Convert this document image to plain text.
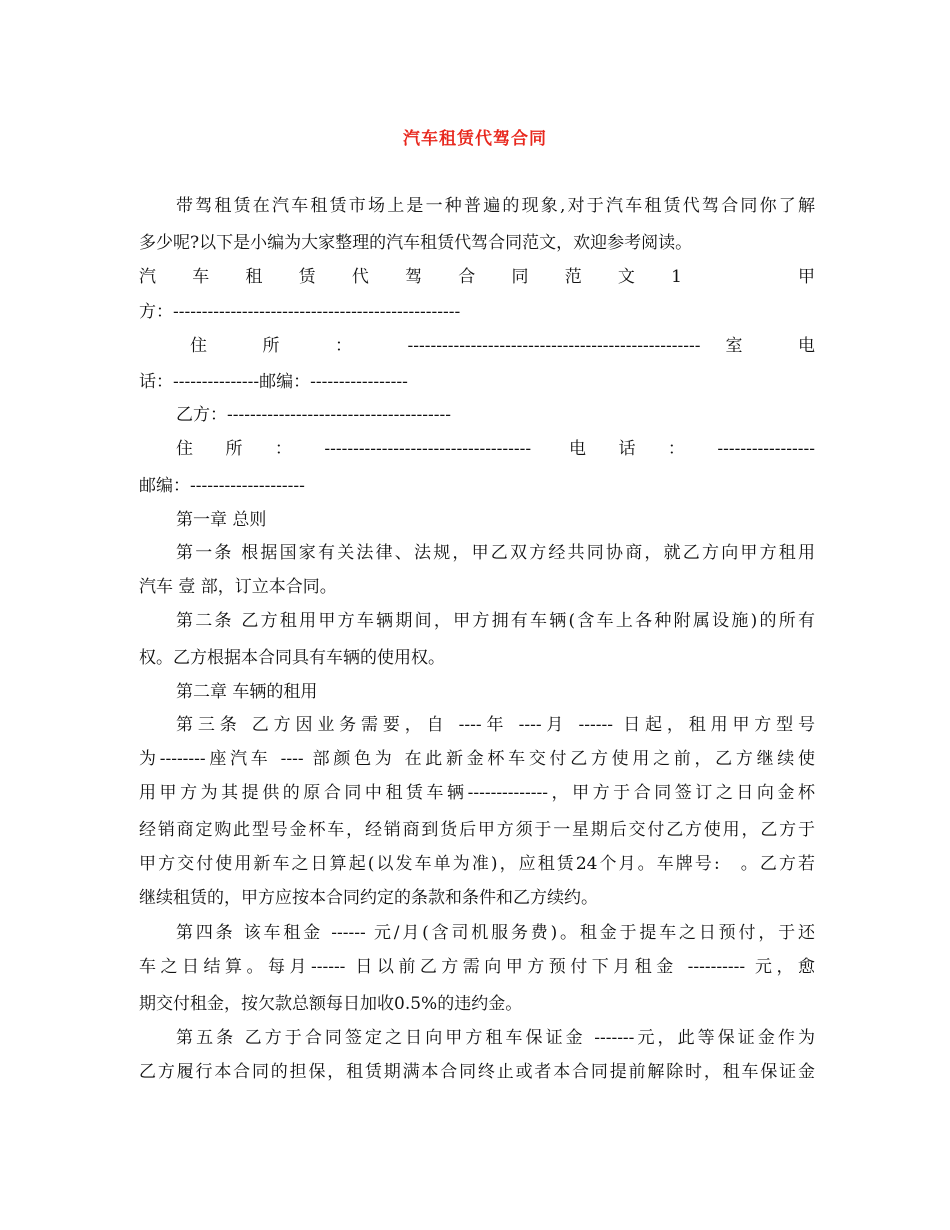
汽车租赁代驾合同
带驾租赁在汽车租赁市场上是一种普遍的现象,对于汽车租赁代驾合同你了解
多少呢?以下是小编为大家整理的汽车租赁代驾合同范文，欢迎参考阅读。
汽　车　租　赁　代　驾　合　同　范　文　1　　　　甲
方：--------------------------------------------------
住 所 ： ---------------------------------------------------室 电
话：---------------邮编：-----------------
乙方：---------------------------------------
住所：------------------------------------ 电话：-----------------
邮编：--------------------
第一章 总则
第一条 根据国家有关法律、法规，甲乙双方经共同协商，就乙方向甲方租用
汽车 壹 部，订立本合同。
第二条 乙方租用甲方车辆期间，甲方拥有车辆(含车上各种附属设施)的所有
权。乙方根据本合同具有车辆的使用权。
第二章 车辆的租用
第三条 乙方因业务需要，自 ----年 ----月 ------ 日起，租用甲方型号
为--------座汽车 ---- 部颜色为 在此新金杯车交付乙方使用之前，乙方继续使
用甲方为其提供的原合同中租赁车辆--------------，甲方于合同签订之日向金杯
经销商定购此型号金杯车，经销商到货后甲方须于一星期后交付乙方使用，乙方于
甲方交付使用新车之日算起(以发车单为准)，应租赁24个月。车牌号:　。乙方若
继续租赁的，甲方应按本合同约定的条款和条件和乙方续约。
第四条 该车租金 ------ 元/月(含司机服务费)。租金于提车之日预付，于还
车之日结算。每月------ 日以前乙方需向甲方预付下月租金 ---------- 元，愈
期交付租金，按欠款总额每日加收0.5%的违约金。
第五条 乙方于合同签定之日向甲方租车保证金 -------元，此等保证金作为
乙方履行本合同的担保，租赁期满本合同终止或者本合同提前解除时，租车保证金
